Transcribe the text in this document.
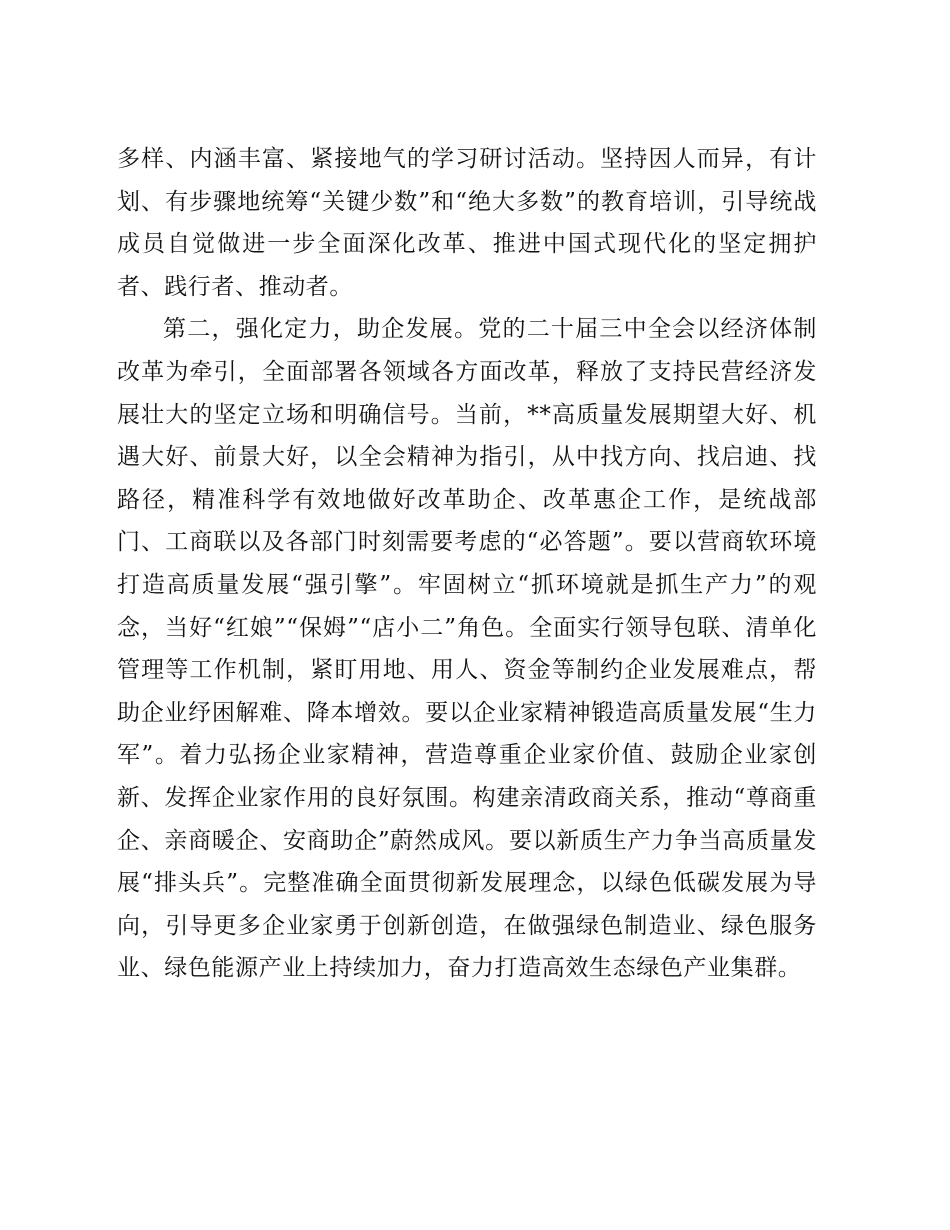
多样、内涵丰富、紧接地气的学习研讨活动。坚持因人而异，有计划、有步骤地统筹“关键少数”和“绝大多数”的教育培训，引导统战成员自觉做进一步全面深化改革、推进中国式现代化的坚定拥护者、践行者、推动者。

第二，强化定力，助企发展。党的二十届三中全会以经济体制改革为牵引，全面部署各领域各方面改革，释放了支持民营经济发展壮大的坚定立场和明确信号。当前，**高质量发展期望大好、机遇大好、前景大好，以全会精神为指引，从中找方向、找启迪、找路径，精准科学有效地做好改革助企、改革惠企工作，是统战部门、工商联以及各部门时刻需要考虑的“必答题”。要以营商软环境打造高质量发展“强引擎”。牢固树立“抓环境就是抓生产力”的观念，当好“红娘”“保姆”“店小二”角色。全面实行领导包联、清单化管理等工作机制，紧盯用地、用人、资金等制约企业发展难点，帮助企业纾困解难、降本增效。要以企业家精神锻造高质量发展“生力军”。着力弘扬企业家精神，营造尊重企业家价值、鼓励企业家创新、发挥企业家作用的良好氛围。构建亲清政商关系，推动“尊商重企、亲商暖企、安商助企”蔚然成风。要以新质生产力争当高质量发展“排头兵”。完整准确全面贯彻新发展理念，以绿色低碳发展为导向，引导更多企业家勇于创新创造，在做强绿色制造业、绿色服务业、绿色能源产业上持续加力，奋力打造高效生态绿色产业集群。
